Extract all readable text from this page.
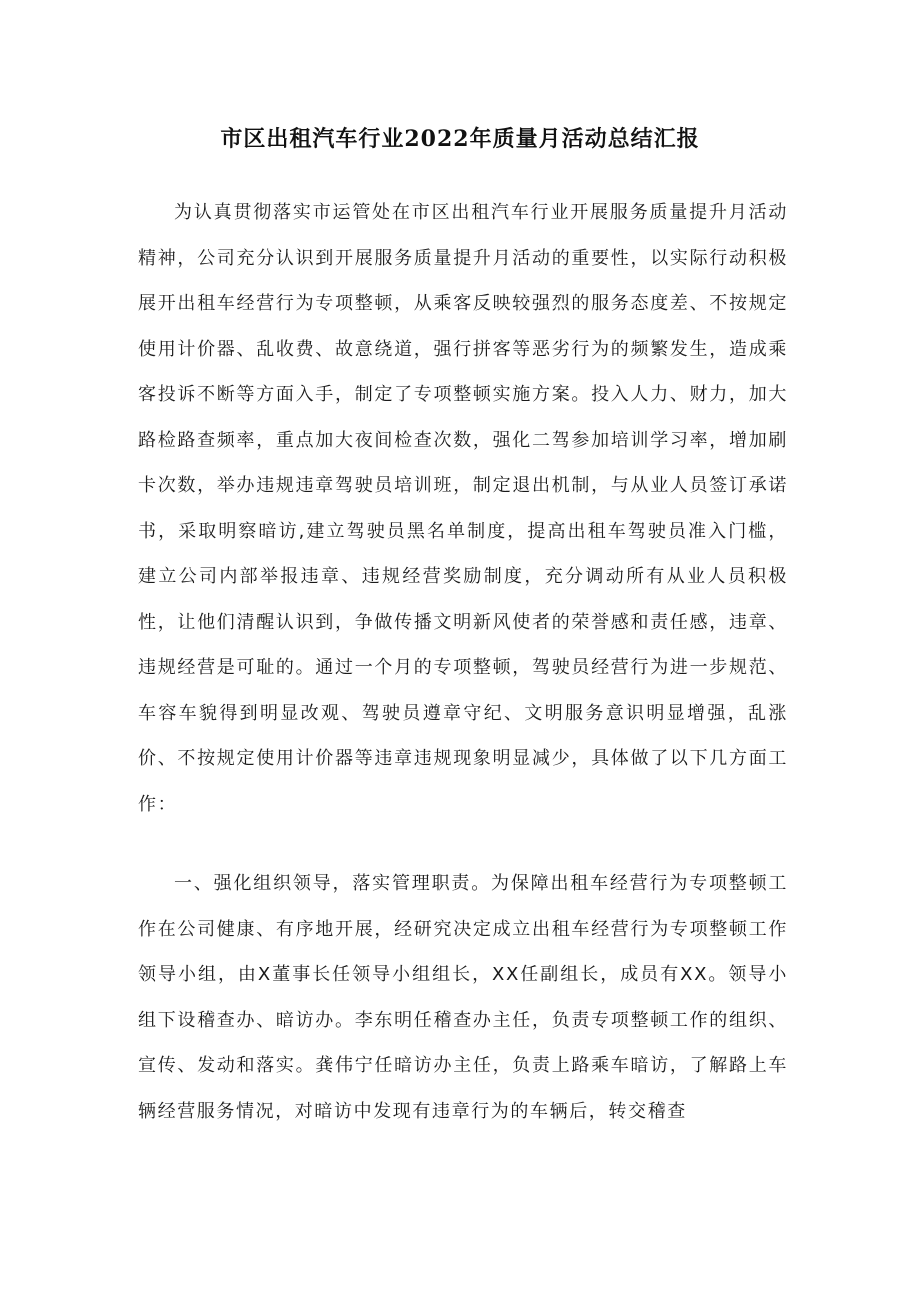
市区出租汽车行业2022年质量月活动总结汇报

为认真贯彻落实市运管处在市区出租汽车行业开展服务质量提升月活动精神，公司充分认识到开展服务质量提升月活动的重要性，以实际行动积极展开出租车经营行为专项整顿，从乘客反映较强烈的服务态度差、不按规定使用计价器、乱收费、故意绕道，强行拼客等恶劣行为的频繁发生，造成乘客投诉不断等方面入手，制定了专项整顿实施方案。投入人力、财力，加大路检路查频率，重点加大夜间检查次数，强化二驾参加培训学习率，增加刷卡次数，举办违规违章驾驶员培训班，制定退出机制，与从业人员签订承诺书，采取明察暗访,建立驾驶员黑名单制度，提高出租车驾驶员准入门槛，建立公司内部举报违章、违规经营奖励制度，充分调动所有从业人员积极性，让他们清醒认识到，争做传播文明新风使者的荣誉感和责任感，违章、违规经营是可耻的。通过一个月的专项整顿，驾驶员经营行为进一步规范、车容车貌得到明显改观、驾驶员遵章守纪、文明服务意识明显增强，乱涨价、不按规定使用计价器等违章违规现象明显减少，具体做了以下几方面工作：

一、强化组织领导，落实管理职责。为保障出租车经营行为专项整顿工作在公司健康、有序地开展，经研究决定成立出租车经营行为专项整顿工作领导小组，由X董事长任领导小组组长，XX任副组长，成员有XX。领导小组下设稽查办、暗访办。李东明任稽查办主任，负责专项整顿工作的组织、宣传、发动和落实。龚伟宁任暗访办主任，负责上路乘车暗访，了解路上车辆经营服务情况，对暗访中发现有违章行为的车辆后，转交稽查
